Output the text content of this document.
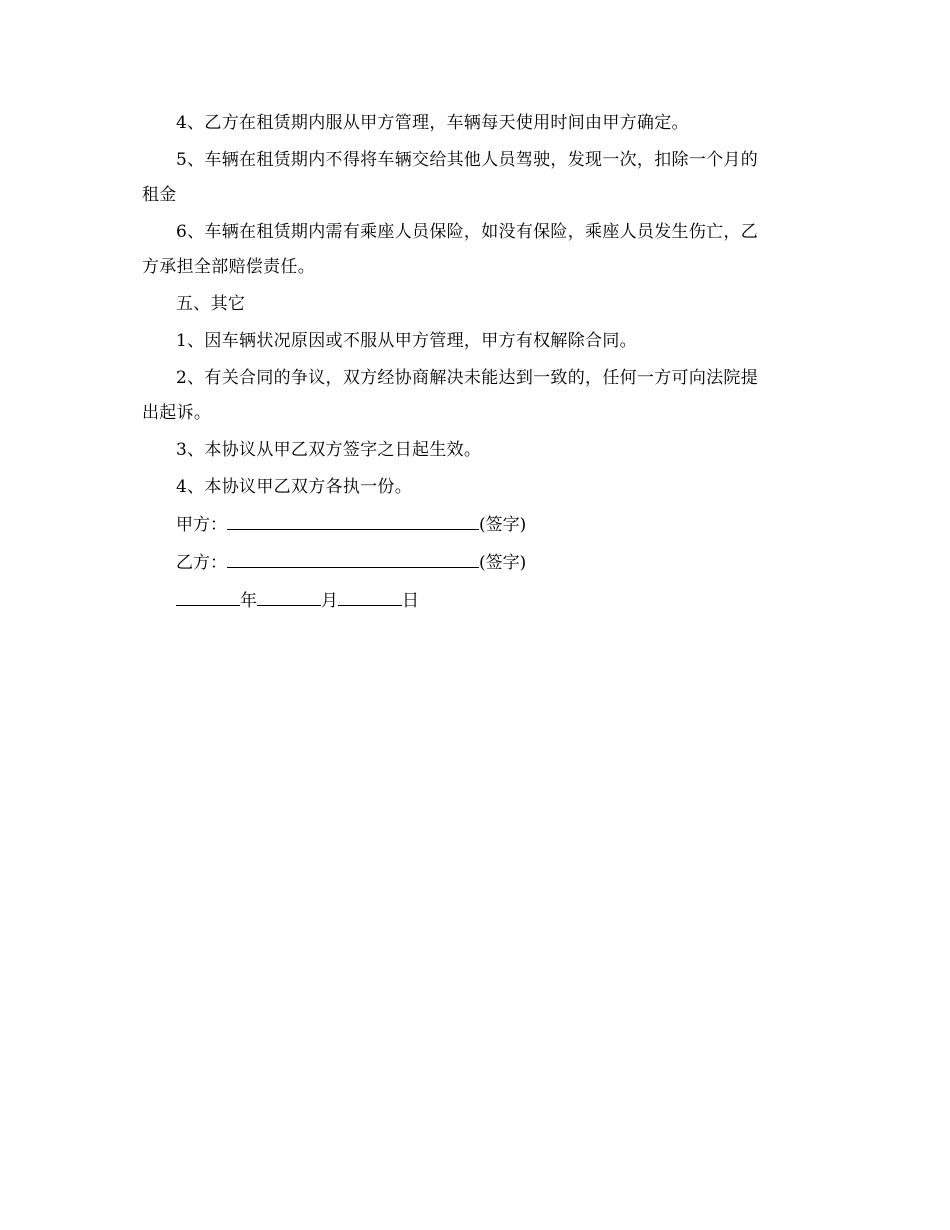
4、乙方在租赁期内服从甲方管理，车辆每天使用时间由甲方确定。
5、车辆在租赁期内不得将车辆交给其他人员驾驶，发现一次，扣除一个月的
租金
6、车辆在租赁期内需有乘座人员保险，如没有保险，乘座人员发生伤亡，乙
方承担全部赔偿责任。
五、其它
1、因车辆状况原因或不服从甲方管理，甲方有权解除合同。
2、有关合同的争议，双方经协商解决未能达到一致的，任何一方可向法院提
出起诉。
3、本协议从甲乙双方签字之日起生效。
4、本协议甲乙双方各执一份。
甲方：	(签字)
乙方：	(签字)
年	月	日
